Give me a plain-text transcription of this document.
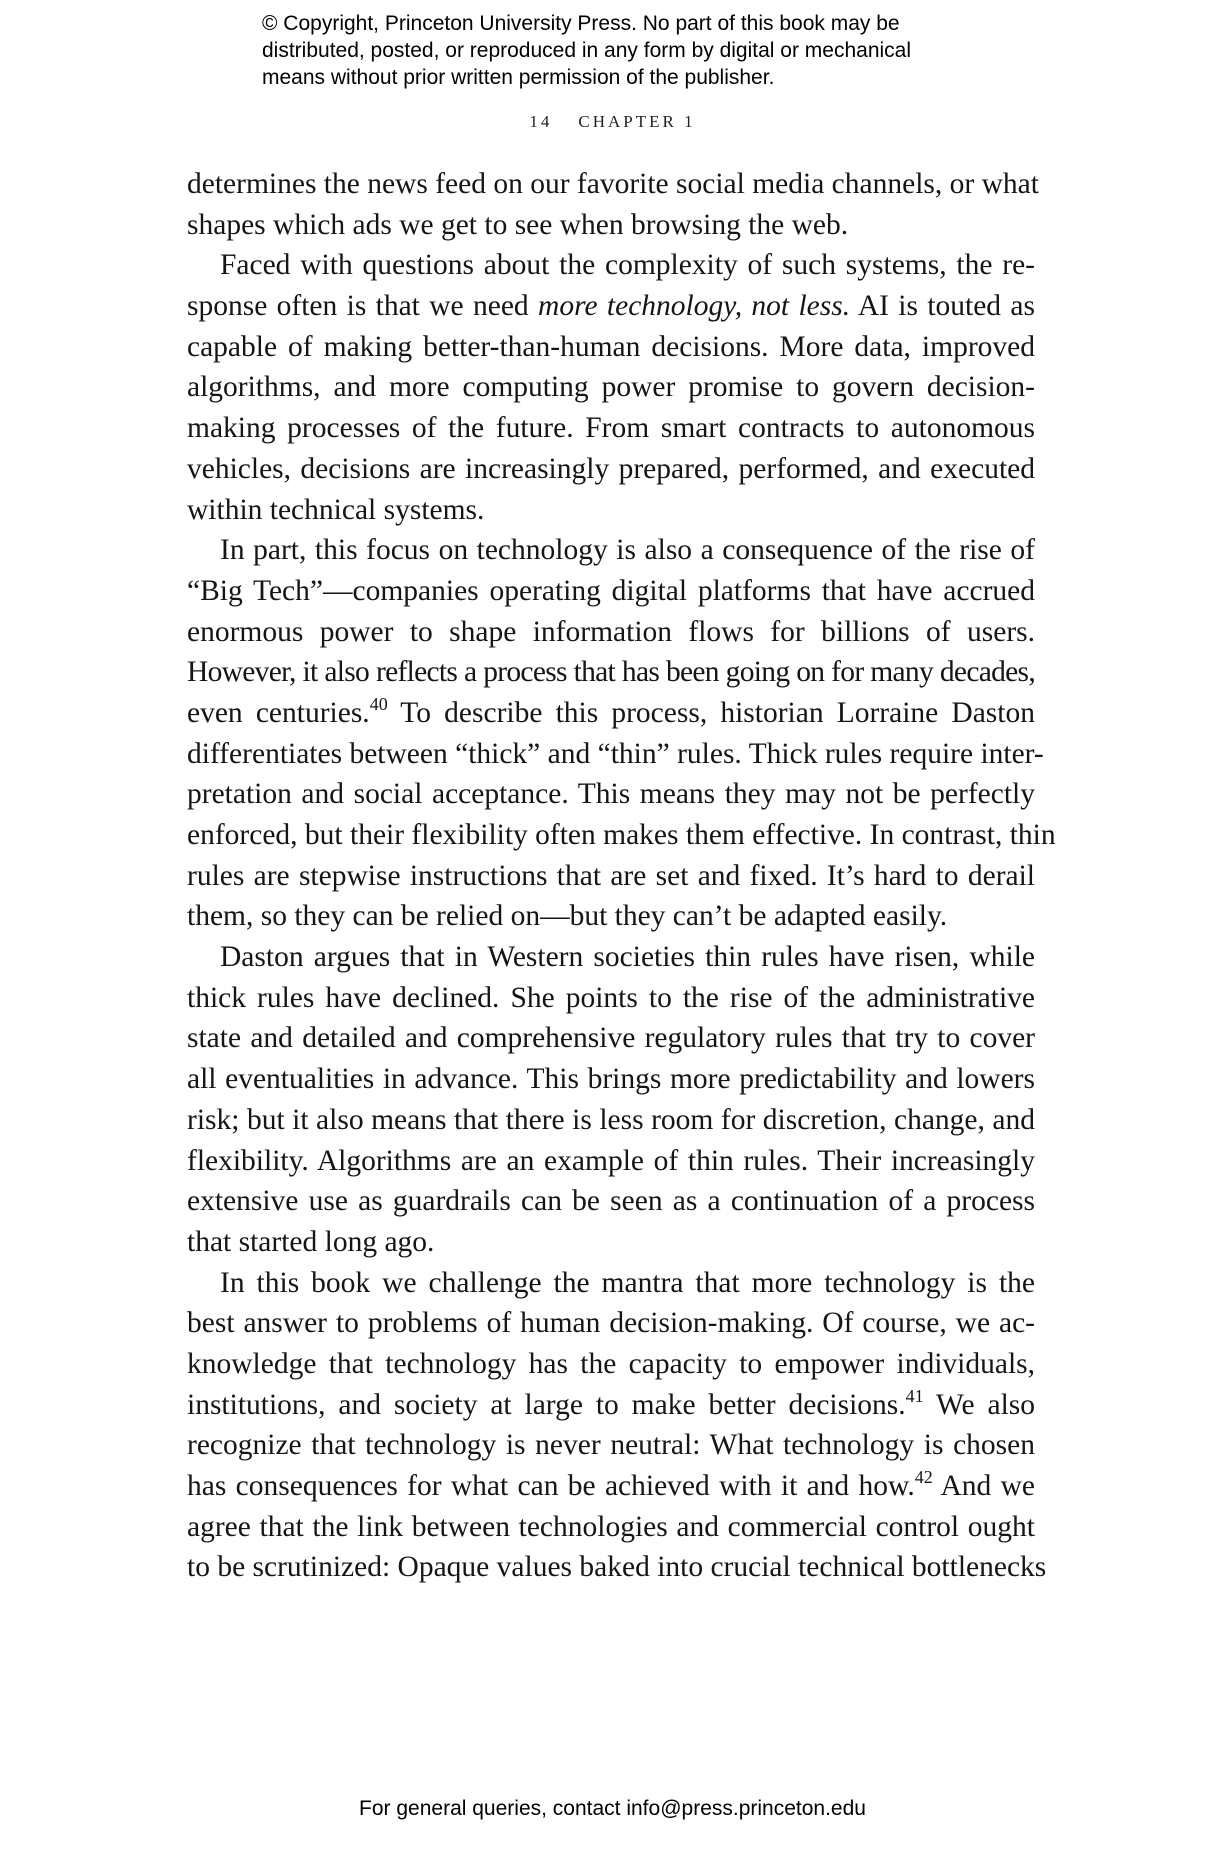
© Copyright, Princeton University Press. No part of this book may be
distributed, posted, or reproduced in any form by digital or mechanical
means without prior written permission of the publisher.
14 CHAPTER 1
determines the news feed on our favorite social media channels, or what
shapes which ads we get to see when browsing the web.
Faced with questions about the complexity of such systems, the re-
sponse often is that we need more technology, not less. AI is touted as
capable of making better-than-human decisions. More data, improved
algorithms, and more computing power promise to govern decision-
making processes of the future. From smart contracts to autonomous
vehicles, decisions are increasingly prepared, performed, and executed
within technical systems.
In part, this focus on technology is also a consequence of the rise of
“Big Tech”—companies operating digital platforms that have accrued
enormous power to shape information flows for billions of users.
However, it also reflects a process that has been going on for many decades,
even centuries.$^{40}$ To describe this process, historian Lorraine Daston
differentiates between “thick” and “thin” rules. Thick rules require inter-
pretation and social acceptance. This means they may not be perfectly
enforced, but their flexibility often makes them effective. In contrast, thin
rules are stepwise instructions that are set and fixed. It’s hard to derail
them, so they can be relied on—but they can’t be adapted easily.
Daston argues that in Western societies thin rules have risen, while
thick rules have declined. She points to the rise of the administrative
state and detailed and comprehensive regulatory rules that try to cover
all eventualities in advance. This brings more predictability and lowers
risk; but it also means that there is less room for discretion, change, and
flexibility. Algorithms are an example of thin rules. Their increasingly
extensive use as guardrails can be seen as a continuation of a process
that started long ago.
In this book we challenge the mantra that more technology is the
best answer to problems of human decision-making. Of course, we ac-
knowledge that technology has the capacity to empower individuals,
institutions, and society at large to make better decisions.$^{41}$ We also
recognize that technology is never neutral: What technology is chosen
has consequences for what can be achieved with it and how.$^{42}$ And we
agree that the link between technologies and commercial control ought
to be scrutinized: Opaque values baked into crucial technical bottlenecks
For general queries, contact info@press.princeton.edu
